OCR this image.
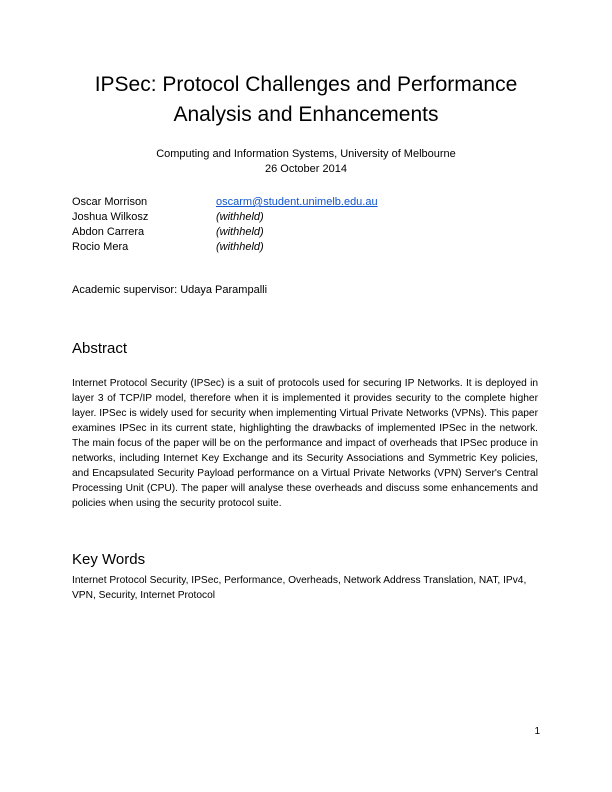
IPSec: Protocol Challenges and Performance Analysis and Enhancements
Computing and Information Systems, University of Melbourne
26 October 2014
Oscar Morrison	oscarm@student.unimelb.edu.au
Joshua Wilkosz	(withheld)
Abdon Carrera	(withheld)
Rocio Mera	(withheld)
Academic supervisor: Udaya Parampalli
Abstract

Internet Protocol Security (IPSec) is a suit of protocols used for securing IP Networks. It is deployed in layer 3 of TCP/IP model, therefore when it is implemented it provides security to the complete higher layer. IPSec is widely used for security when implementing Virtual Private Networks (VPNs). This paper examines IPSec in its current state, highlighting the drawbacks of implemented IPSec in the network. The main focus of the paper will be on the performance and impact of overheads that IPSec produce in networks, including Internet Key Exchange and its Security Associations and Symmetric Key policies, and Encapsulated Security Payload performance on a Virtual Private Networks (VPN) Server's Central Processing Unit (CPU). The paper will analyse these overheads and discuss some enhancements and policies when using the security protocol suite.

Key Words

Internet Protocol Security, IPSec, Performance, Overheads, Network Address Translation, NAT, IPv4, VPN, Security, Internet Protocol

1
